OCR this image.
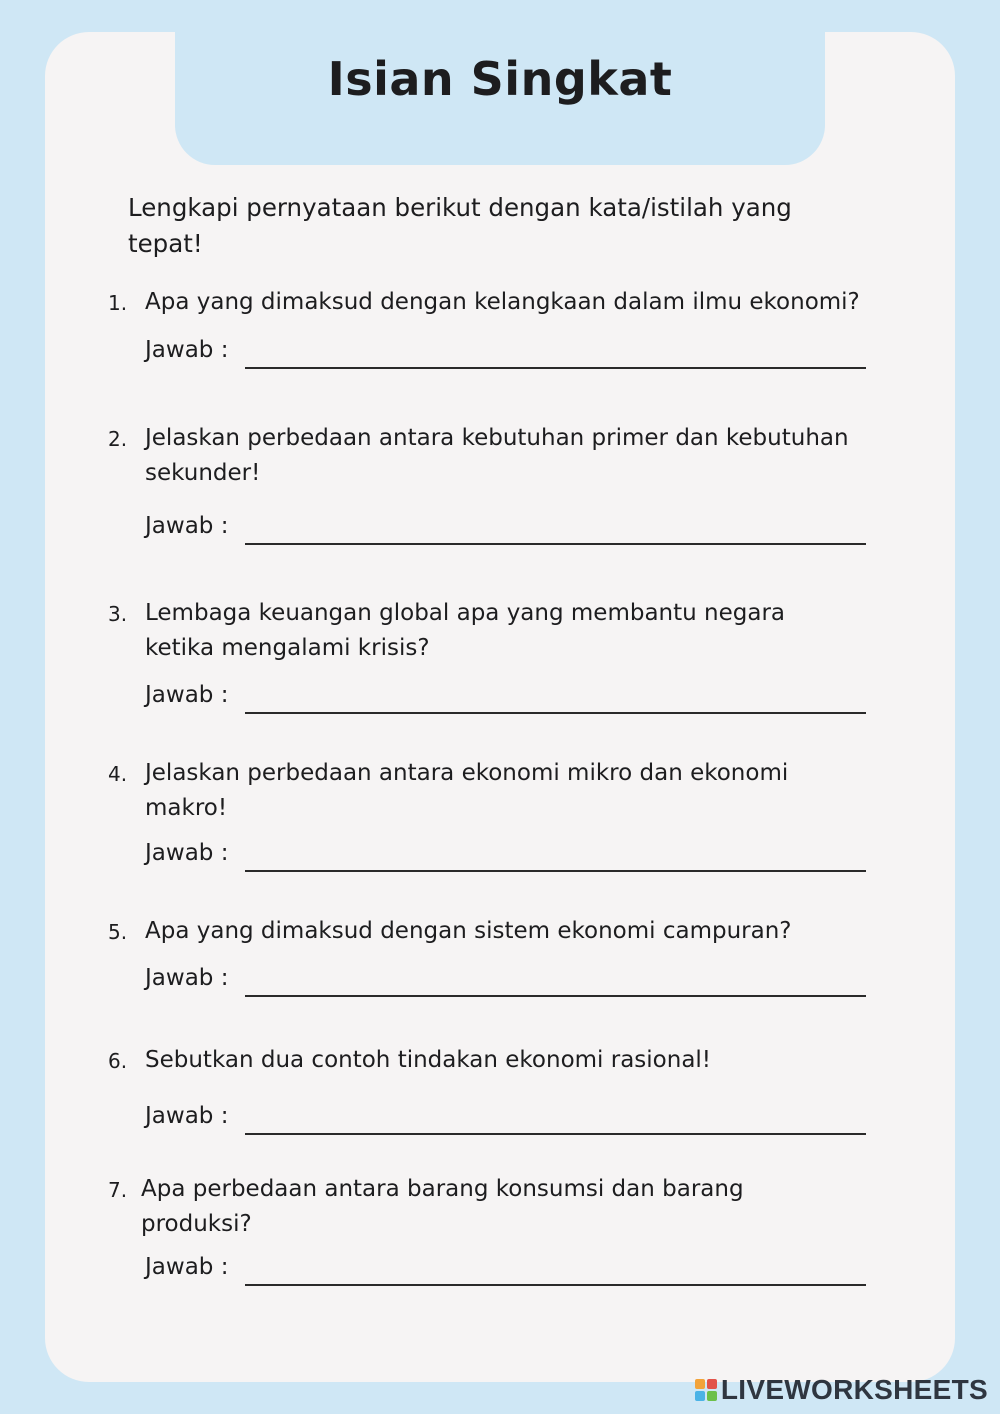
Isian Singkat

Lengkapi pernyataan berikut dengan kata/istilah yang tepat!

1. Apa yang dimaksud dengan kelangkaan dalam ilmu ekonomi?

Jawab :
2. Jelaskan perbedaan antara kebutuhan primer dan kebutuhan sekunder!

Jawab :
3. Lembaga keuangan global apa yang membantu negara ketika mengalami krisis?

Jawab :
4. Jelaskan perbedaan antara ekonomi mikro dan ekonomi makro!

Jawab :
5. Apa yang dimaksud dengan sistem ekonomi campuran?

Jawab :
6. Sebutkan dua contoh tindakan ekonomi rasional!

Jawab :
7. Apa perbedaan antara barang konsumsi dan barang produksi?

Jawab :
LIVEWORKSHEETS
